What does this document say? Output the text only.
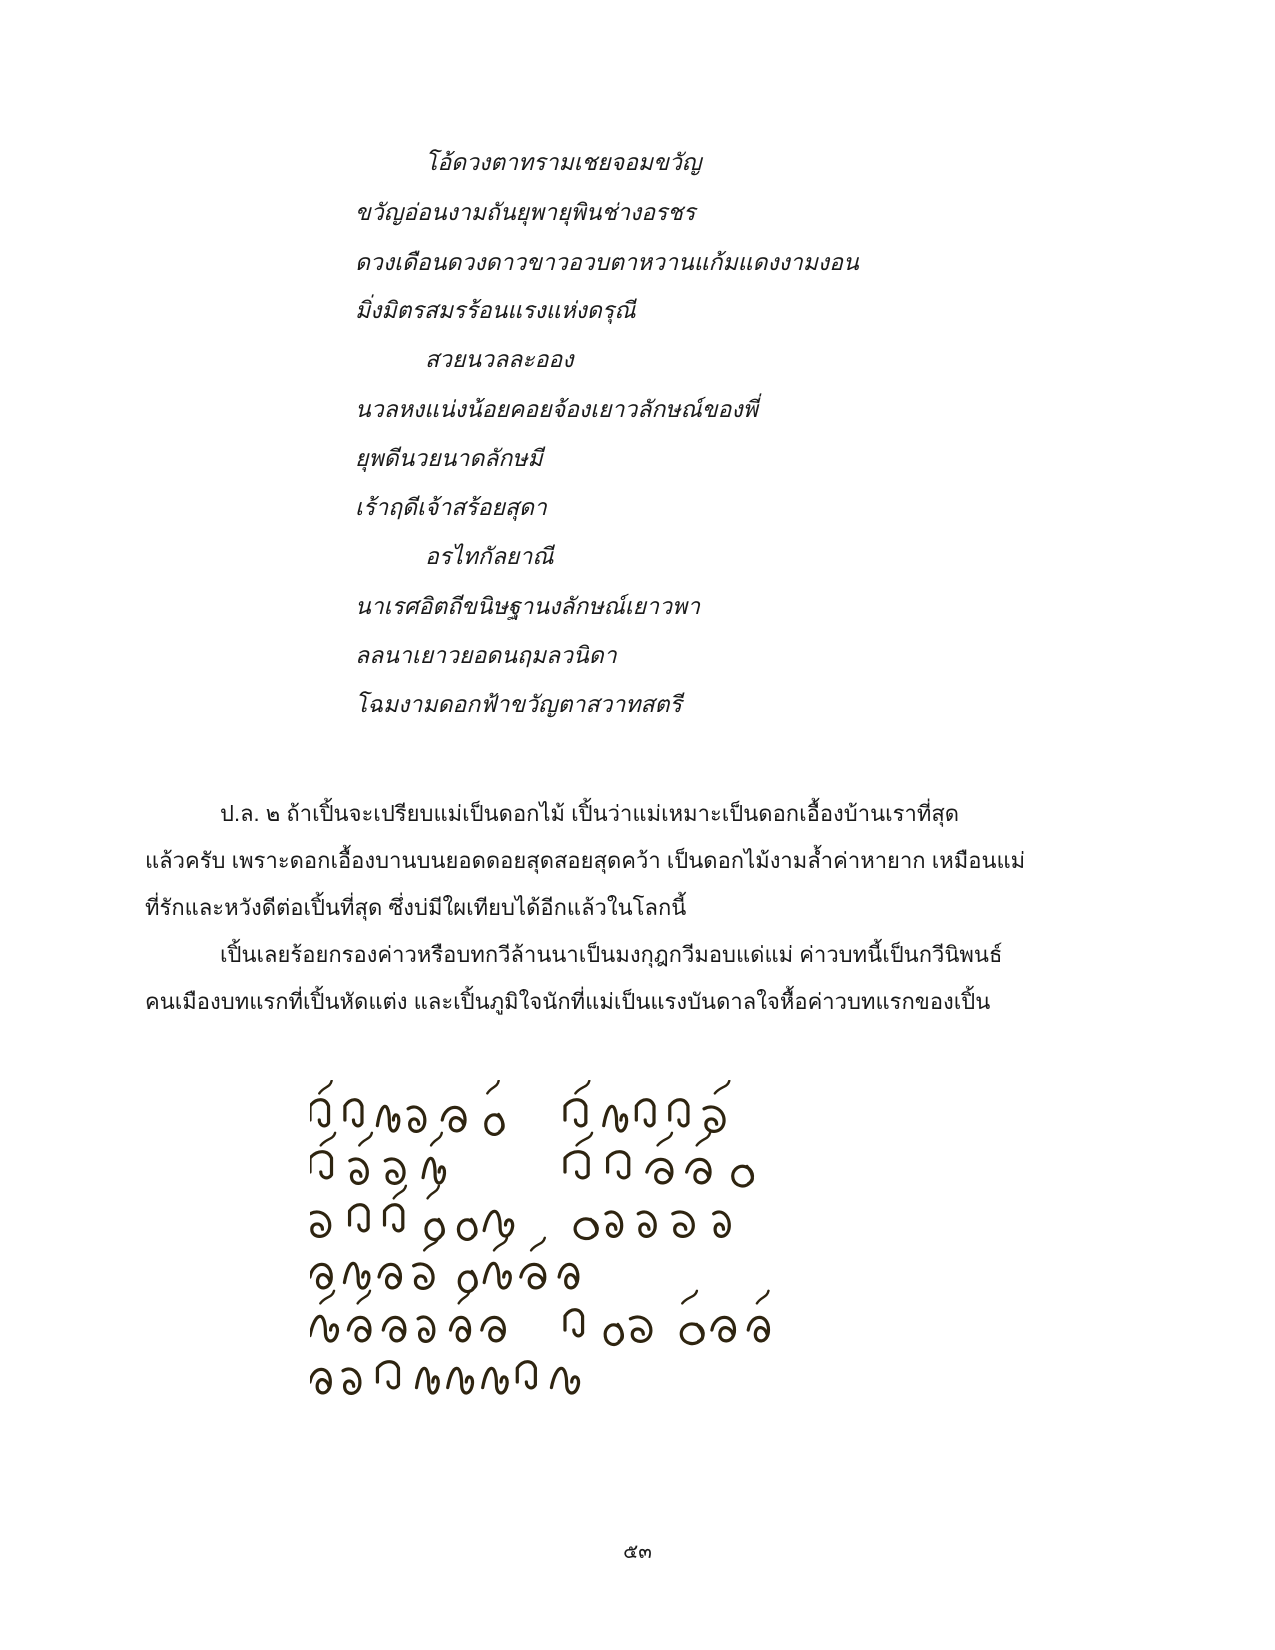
โอ้ดวงตาทรามเชยจอมขวัญ
ขวัญอ่อนงามถันยุพายุพินช่างอรชร
ดวงเดือนดวงดาวขาวอวบตาหวานแก้มแดงงามงอน
มิ่งมิตรสมรร้อนแรงแห่งดรุณี
สวยนวลละออง
นวลหงแน่งน้อยคอยจ้องเยาวลักษณ์ของพี่
ยุพดีนวยนาดลักษมี
เร้าฤดีเจ้าสร้อยสุดา
อรไทกัลยาณี
นาเรศอิตถีขนิษฐานงลักษณ์เยาวพา
ลลนาเยาวยอดนฤมลวนิดา
โฉมงามดอกฟ้าขวัญตาสวาทสตรี

ป.ล. ๒ ถ้าเปิ้นจะเปรียบแม่เป็นดอกไม้ เปิ้นว่าแม่เหมาะเป็นดอกเอื้องบ้านเราที่สุด

แล้วครับ เพราะดอกเอื้องบานบนยอดดอยสุดสอยสุดคว้า เป็นดอกไม้งามล้ำค่าหายาก เหมือนแม่

ที่รักและหวังดีต่อเปิ้นที่สุด ซึ่งบ่มีใผเทียบได้อีกแล้วในโลกนี้

เปิ้นเลยร้อยกรองค่าวหรือบทกวีล้านนาเป็นมงกุฎกวีมอบแด่แม่ ค่าวบทนี้เป็นกวีนิพนธ์

คนเมืองบทแรกที่เปิ้นหัดแต่ง และเปิ้นภูมิใจนักที่แม่เป็นแรงบันดาลใจหื้อค่าวบทแรกของเปิ้น

๕๓
